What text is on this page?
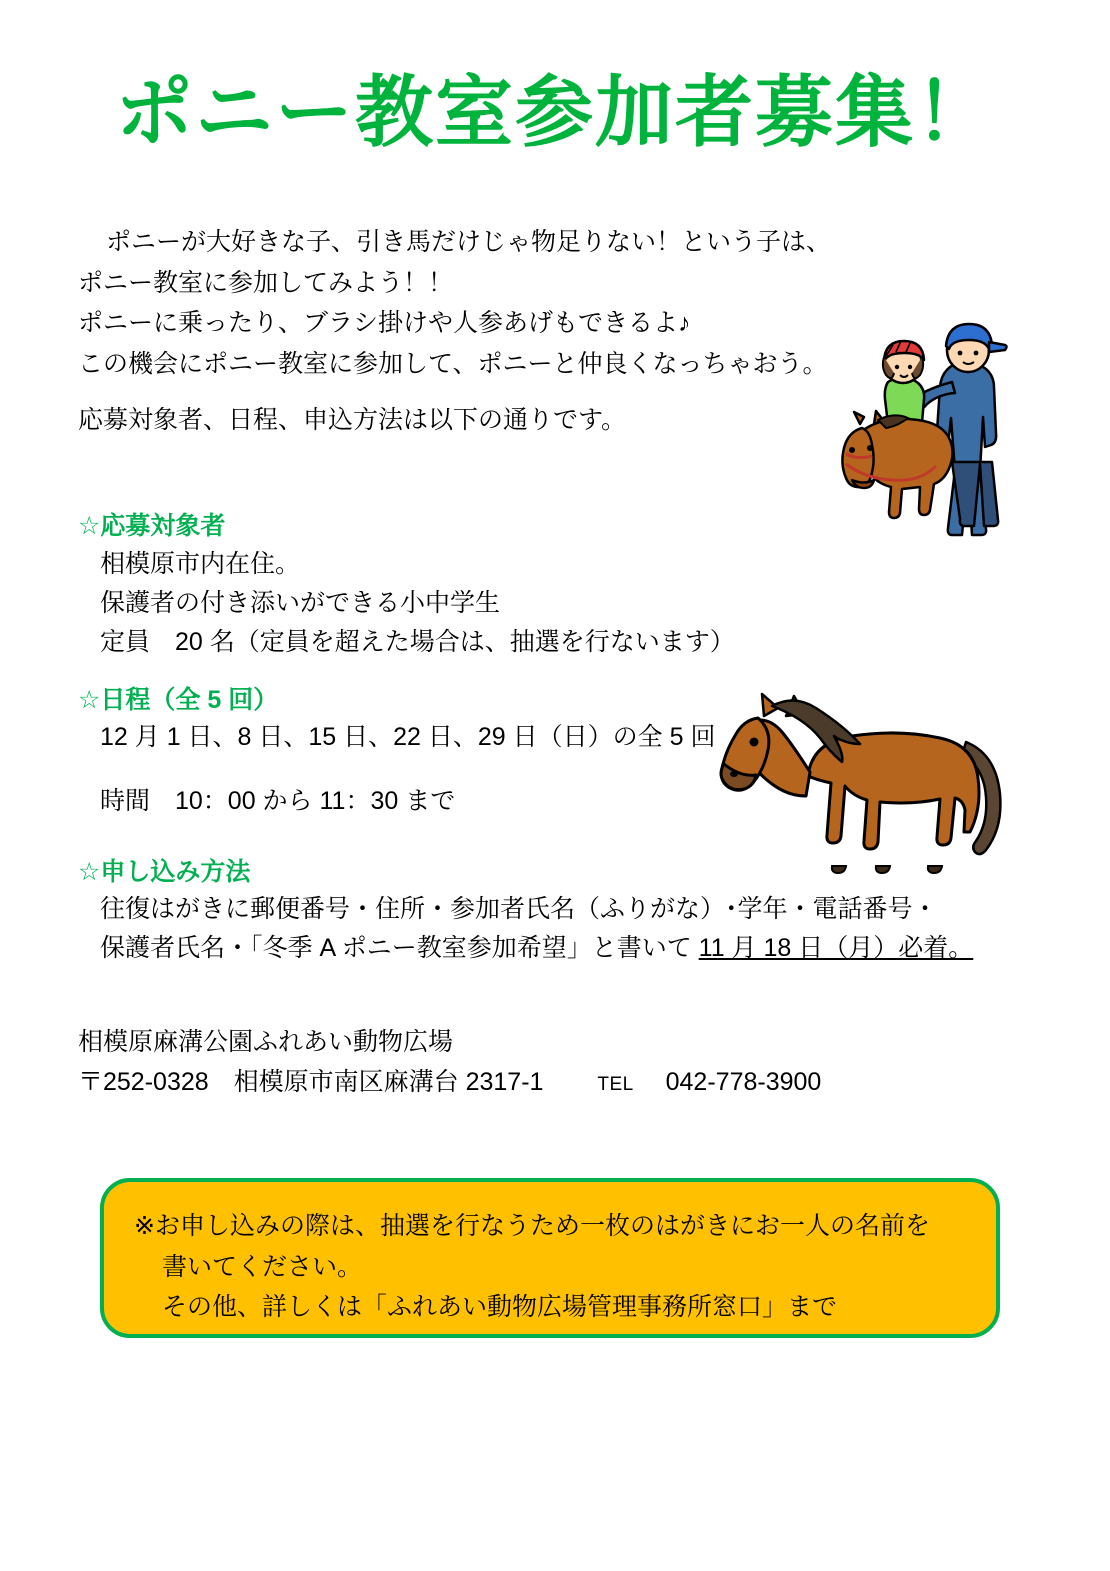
ポニー教室参加者募集！
ポニーが大好きな子、引き馬だけじゃ物足りない！という子は、
ポニー教室に参加してみよう！！
ポニーに乗ったり、ブラシ掛けや人参あげもできるよ♪
この機会にポニー教室に参加して、ポニーと仲良くなっちゃおう。
応募対象者、日程、申込方法は以下の通りです。
☆応募対象者
相模原市内在住。
保護者の付き添いができる小中学生
定員　20 名（定員を超えた場合は、抽選を行ないます）
☆日程（全 5 回）
12 月 1 日、8 日、15 日、22 日、29 日（日）の全 5 回
時間　10：00 から 11：30 まで
☆申し込み方法
往復はがきに郵便番号・住所・参加者氏名（ふりがな）･学年・電話番号・
保護者氏名・「冬季 A ポニー教室参加希望」と書いて 11 月 18 日（月）必着。
相模原麻溝公園ふれあい動物広場
〒252-0328　相模原市南区麻溝台 2317-1	TEL 042-778-3900
※お申し込みの際は、抽選を行なうため一枚のはがきにお一人の名前を
書いてください。
その他、詳しくは「ふれあい動物広場管理事務所窓口」まで
